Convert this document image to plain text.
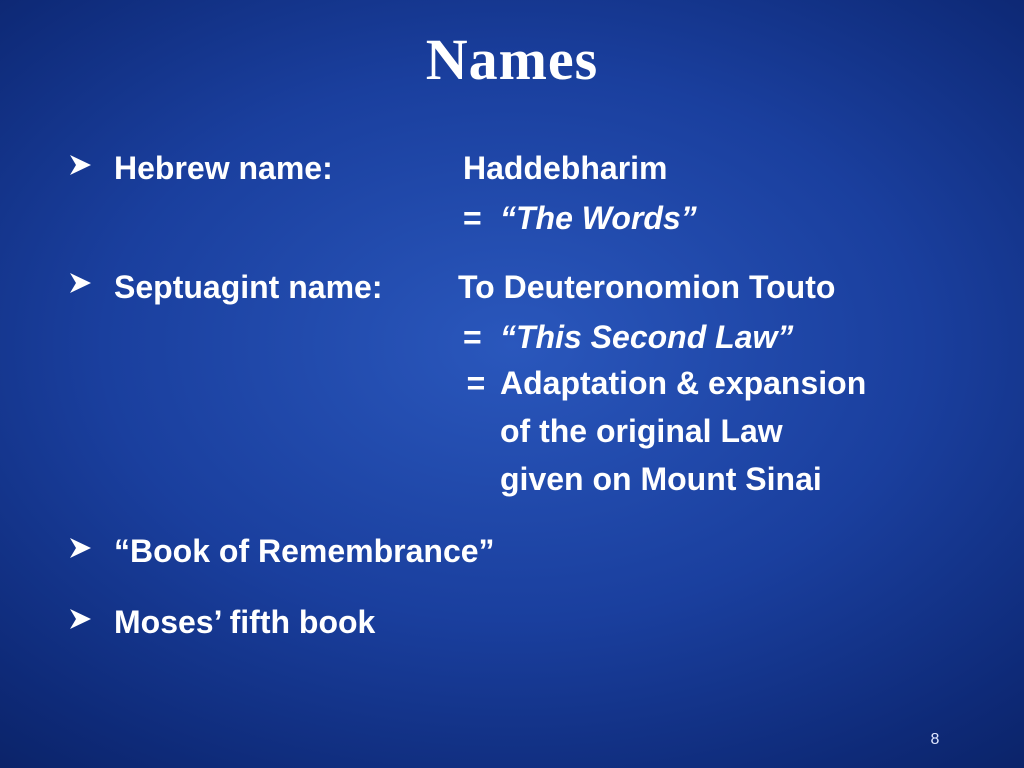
Names
Hebrew name:	Haddebharim
= “The Words”
Septuagint name: To Deuteronomion Touto
= “This Second Law”
= Adaptation & expansion
of the original Law
given on Mount Sinai
“Book of Remembrance”
Moses’ fifth book
8
